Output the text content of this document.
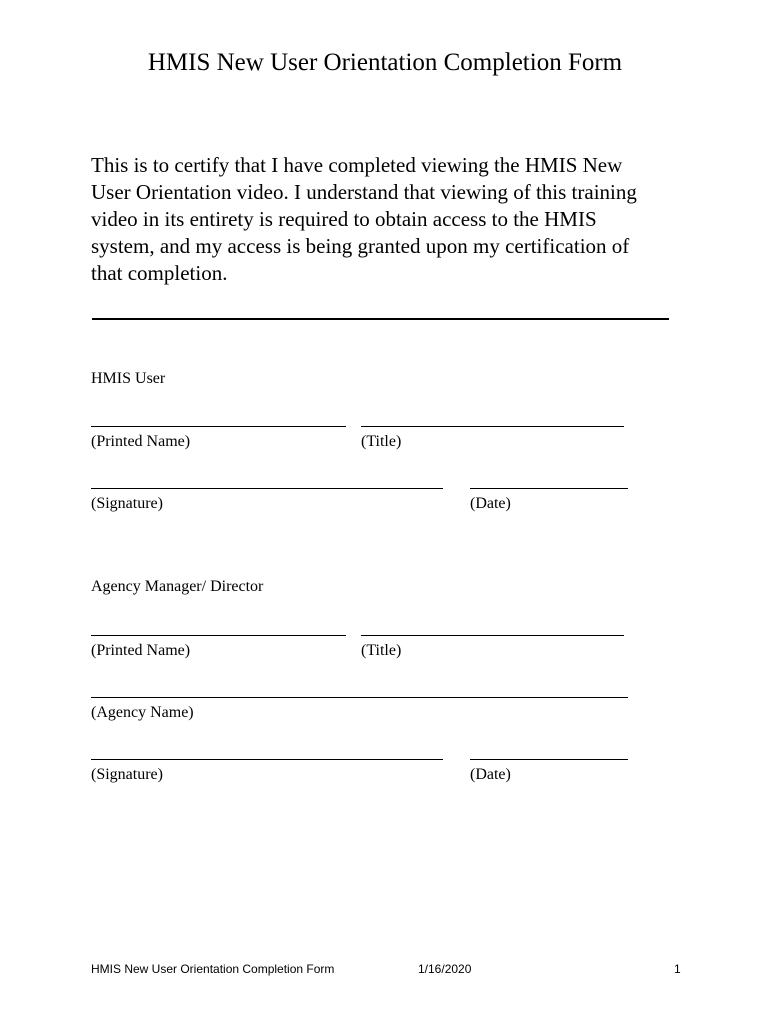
HMIS New User Orientation Completion Form
This is to certify that I have completed viewing the HMIS New
User Orientation video. I understand that viewing of this training
video in its entirety is required to obtain access to the HMIS
system, and my access is being granted upon my certification of
that completion.
HMIS User
(Printed Name)	(Title)
(Signature)	(Date)
Agency Manager/ Director
(Printed Name)	(Title)
(Agency Name)
(Signature)	(Date)
HMIS New User Orientation Completion Form	1/16/2020	1
